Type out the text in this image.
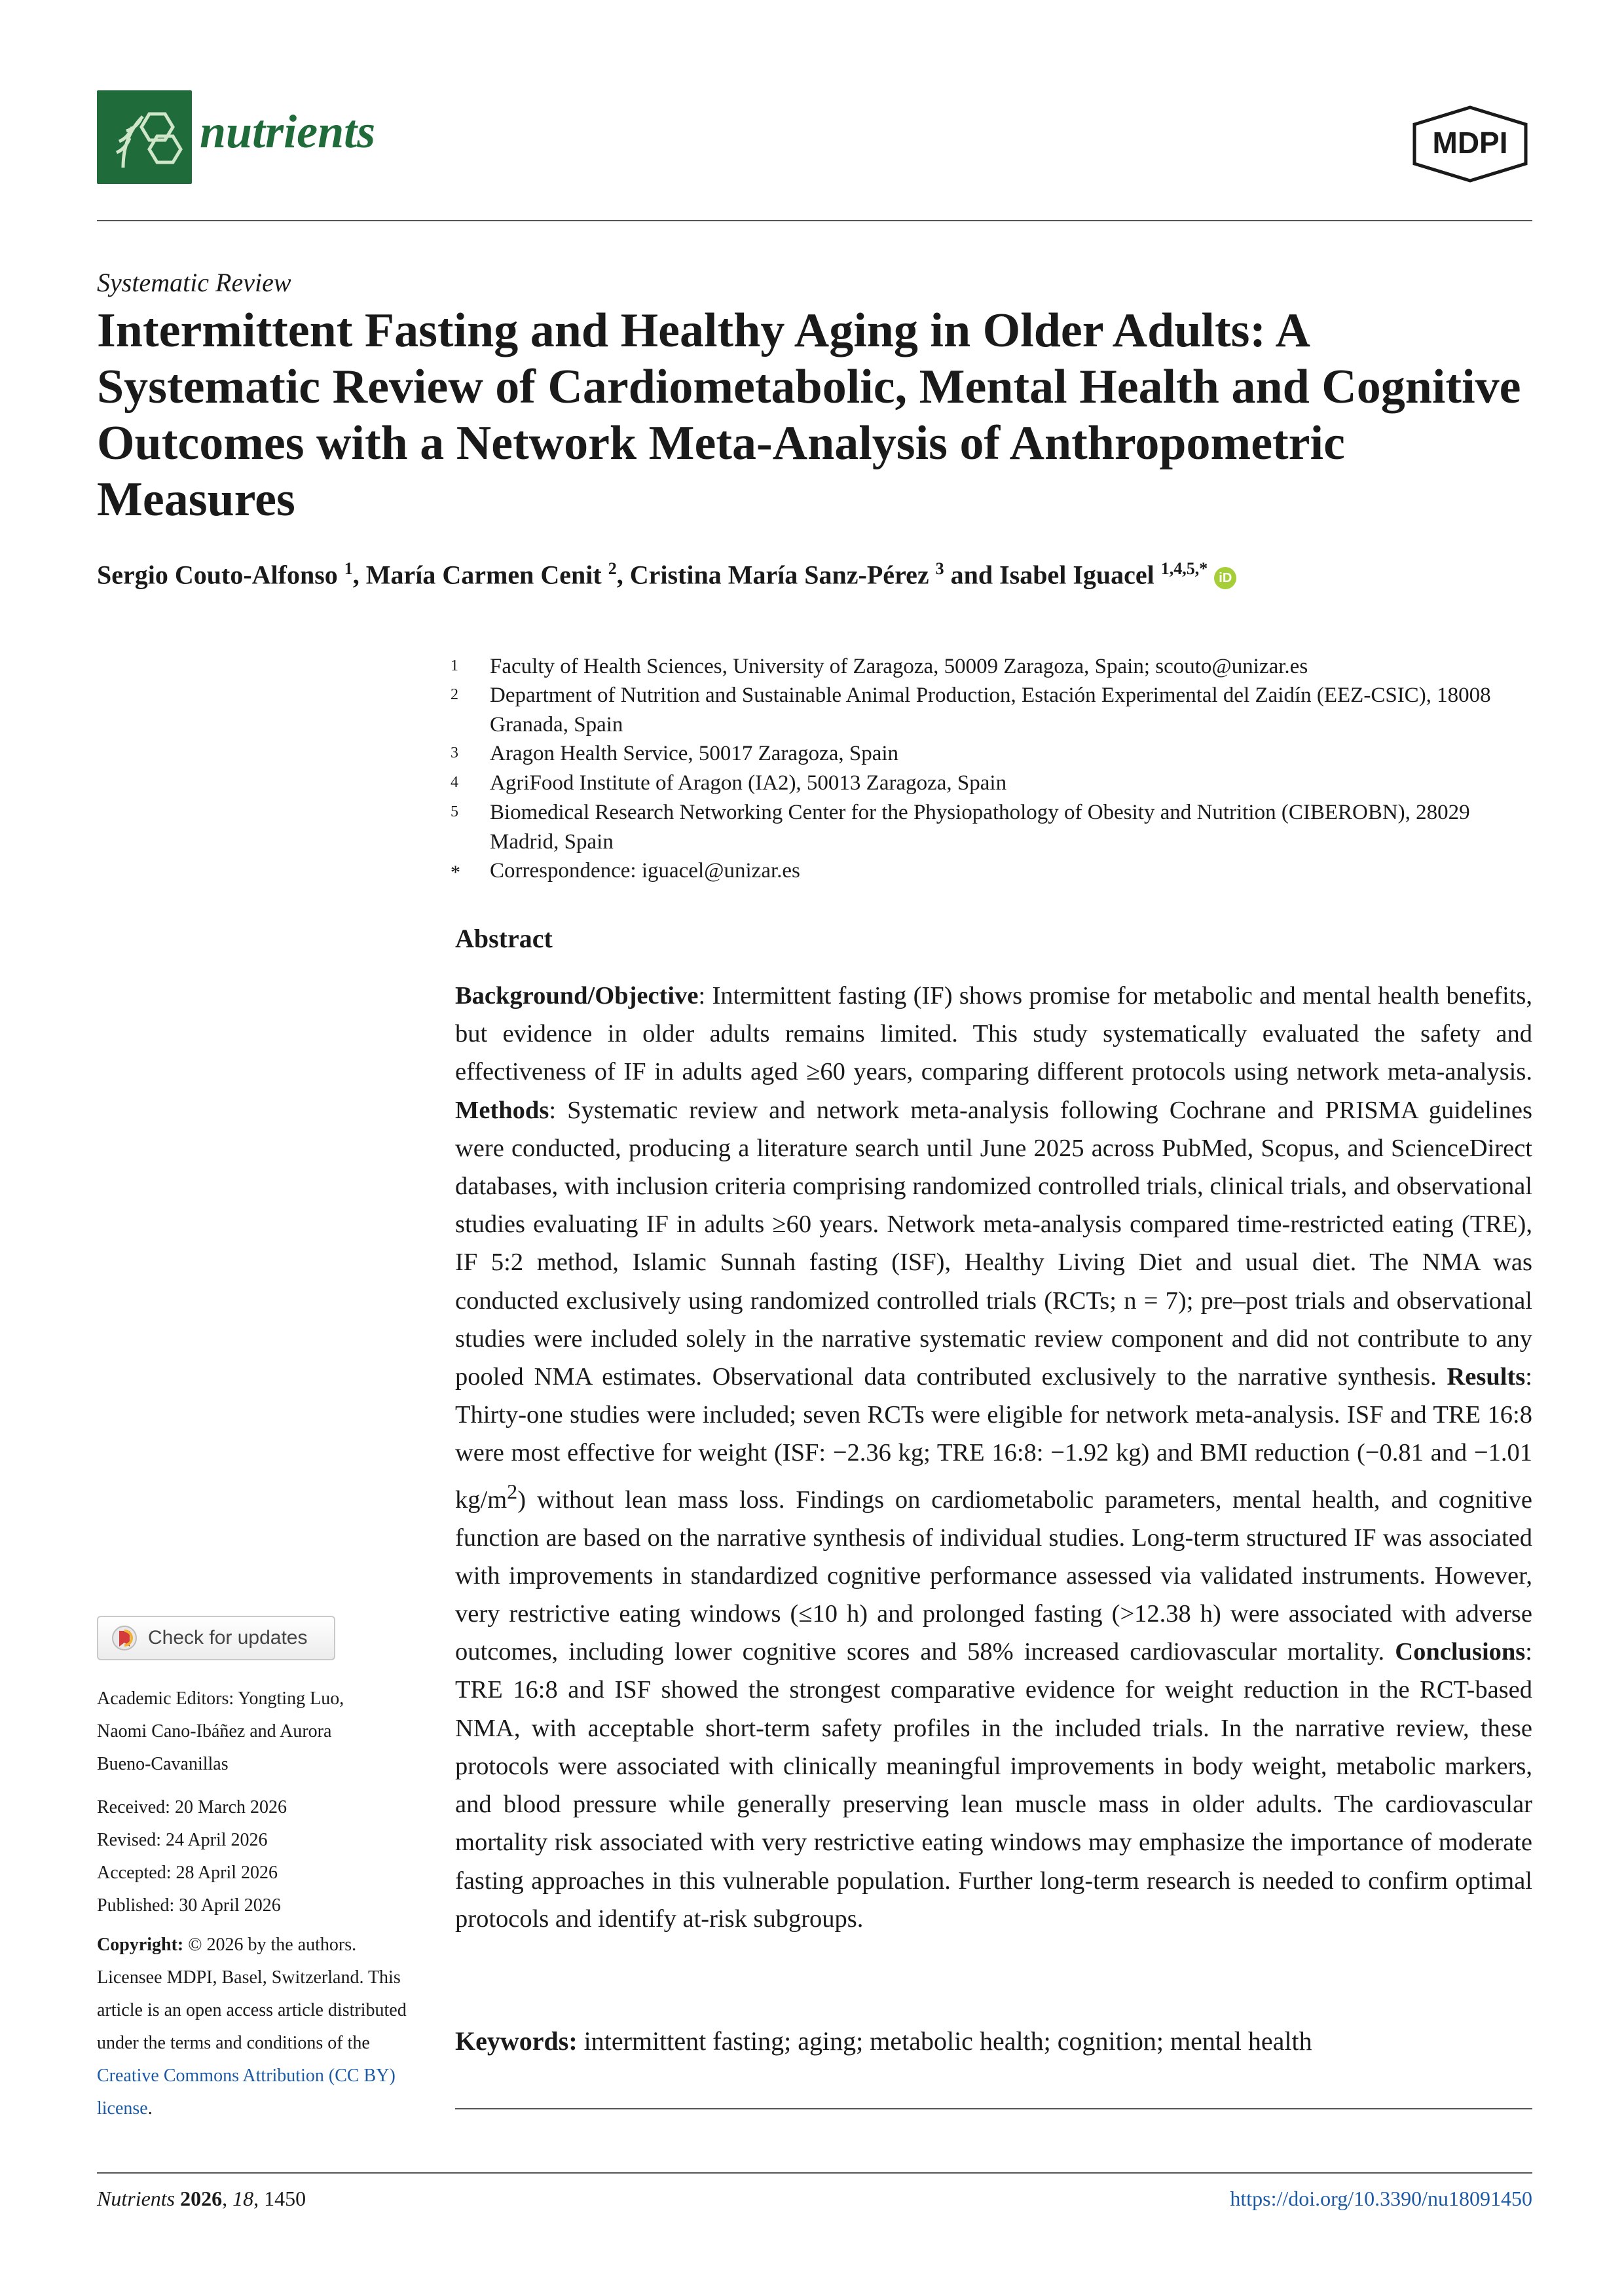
nutrients	MDPI
Systematic Review
Intermittent Fasting and Healthy Aging in Older Adults: A Systematic Review of Cardiometabolic, Mental Health and Cognitive Outcomes with a Network Meta-Analysis of Anthropometric Measures
Sergio Couto-Alfonso $^1$, María Carmen Cenit $^2$, Cristina María Sanz-Pérez $^3$ and Isabel Iguacel $^{1,4,5,*}$ iD
1 Faculty of Health Sciences, University of Zaragoza, 50009 Zaragoza, Spain; scouto@unizar.es
2 Department of Nutrition and Sustainable Animal Production, Estación Experimental del Zaidín (EEZ-CSIC), 18008 Granada, Spain
3 Aragon Health Service, 50017 Zaragoza, Spain
4 AgriFood Institute of Aragon (IA2), 50013 Zaragoza, Spain
5 Biomedical Research Networking Center for the Physiopathology of Obesity and Nutrition (CIBEROBN), 28029 Madrid, Spain
* Correspondence: iguacel@unizar.es
Abstract

Background/Objective: Intermittent fasting (IF) shows promise for metabolic and mental health benefits, but evidence in older adults remains limited. This study systematically evaluated the safety and effectiveness of IF in adults aged ≥60 years, comparing different protocols using network meta-analysis. Methods: Systematic review and network meta-analysis following Cochrane and PRISMA guidelines were conducted, producing a literature search until June 2025 across PubMed, Scopus, and ScienceDirect databases, with inclusion criteria comprising randomized controlled trials, clinical trials, and observational studies evaluating IF in adults ≥60 years. Network meta-analysis compared time-restricted eating (TRE), IF 5:2 method, Islamic Sunnah fasting (ISF), Healthy Living Diet and usual diet. The NMA was conducted exclusively using randomized controlled trials (RCTs; n = 7); pre–post trials and observational studies were included solely in the narrative systematic review component and did not contribute to any pooled NMA estimates. Observational data contributed exclusively to the narrative synthesis. Results: Thirty-one studies were included; seven RCTs were eligible for network meta-analysis. ISF and TRE 16:8 were most effective for weight (ISF: −2.36 kg; TRE 16:8: −1.92 kg) and BMI reduction (−0.81 and −1.01 $kg/m^2$) without lean mass loss. Findings on cardiometabolic parameters, mental health, and cognitive function are based on the narrative synthesis of individual studies. Long-term structured IF was associated with improvements in standardized cognitive performance assessed via validated instruments. However, very restrictive eating windows (≤10 h) and prolonged fasting (>12.38 h) were associated with adverse outcomes, including lower cognitive scores and 58% increased cardiovascular mortality. Conclusions: TRE 16:8 and ISF showed the strongest comparative evidence for weight reduction in the RCT-based NMA, with acceptable short-term safety profiles in the included trials. In the narrative review, these protocols were associated with clinically meaningful improvements in body weight, metabolic markers, and blood pressure while generally preserving lean muscle mass in older adults. The cardiovascular mortality risk associated with very restrictive eating windows may emphasize the importance of moderate fasting approaches in this vulnerable population. Further long-term research is needed to confirm optimal protocols and identify at-risk subgroups.

Keywords: intermittent fasting; aging; metabolic health; cognition; mental health
Check for updates
Academic Editors: Yongting Luo, Naomi Cano-Ibáñez and Aurora Bueno-Cavanillas
Received: 20 March 2026
Revised: 24 April 2026
Accepted: 28 April 2026
Published: 30 April 2026
Copyright: © 2026 by the authors. Licensee MDPI, Basel, Switzerland. This article is an open access article distributed under the terms and conditions of the Creative Commons Attribution (CC BY) license.
Nutrients 2026, 18, 1450	https://doi.org/10.3390/nu18091450
